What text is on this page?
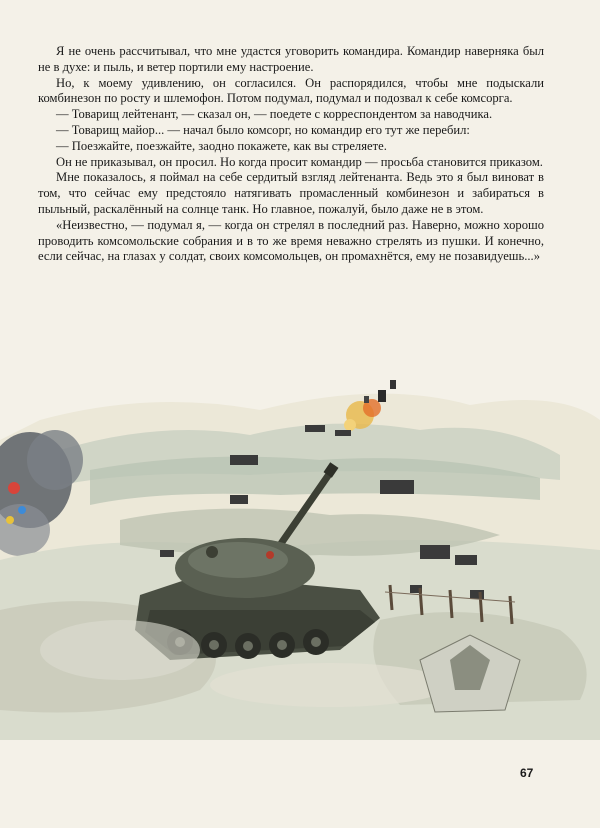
Я не очень рассчитывал, что мне удастся уговорить командира. Командир наверняка был не в духе: и пыль, и ветер портили ему настроение.

Но, к моему удивлению, он согласился. Он распорядился, чтобы мне подыскали комбинезон по росту и шлемофон. Потом подумал, подумал и подозвал к себе комсорга.

— Товарищ лейтенант, — сказал он, — поедете с корреспондентом за наводчика.

— Товарищ майор... — начал было комсорг, но командир его тут же перебил:

— Поезжайте, поезжайте, заодно покажете, как вы стреляете.

Он не приказывал, он просил. Но когда просит командир — просьба становится приказом.

Мне показалось, я поймал на себе сердитый взгляд лейтенанта. Ведь это я был виноват в том, что сейчас ему предстояло натягивать промасленный комбинезон и забираться в пыльный, раскалённый на солнце танк. Но главное, пожалуй, было даже не в этом.

«Неизвестно, — подумал я, — когда он стрелял в последний раз. Наверно, можно хорошо проводить комсомольские собрания и в то же время неважно стрелять из пушки. И конечно, если сейчас, на глазах у солдат, своих комсомольцев, он промахнётся, ему не позавидуешь...»

67
